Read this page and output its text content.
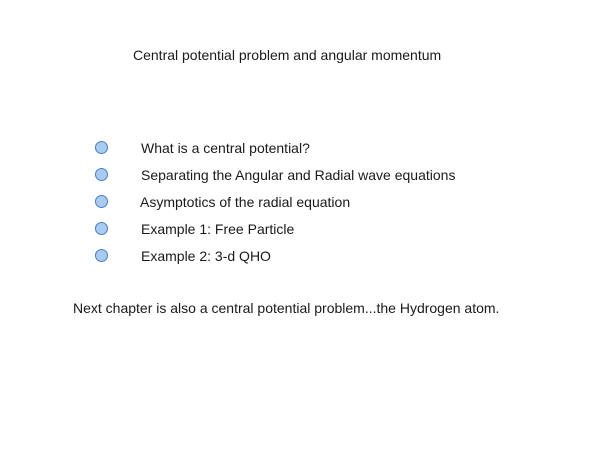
Central potential problem and angular momentum
What is a central potential?
Separating the Angular and Radial wave equations
Asymptotics of the radial equation
Example 1: Free Particle
Example 2: 3-d QHO
Next chapter is also a central potential problem...the Hydrogen atom.
